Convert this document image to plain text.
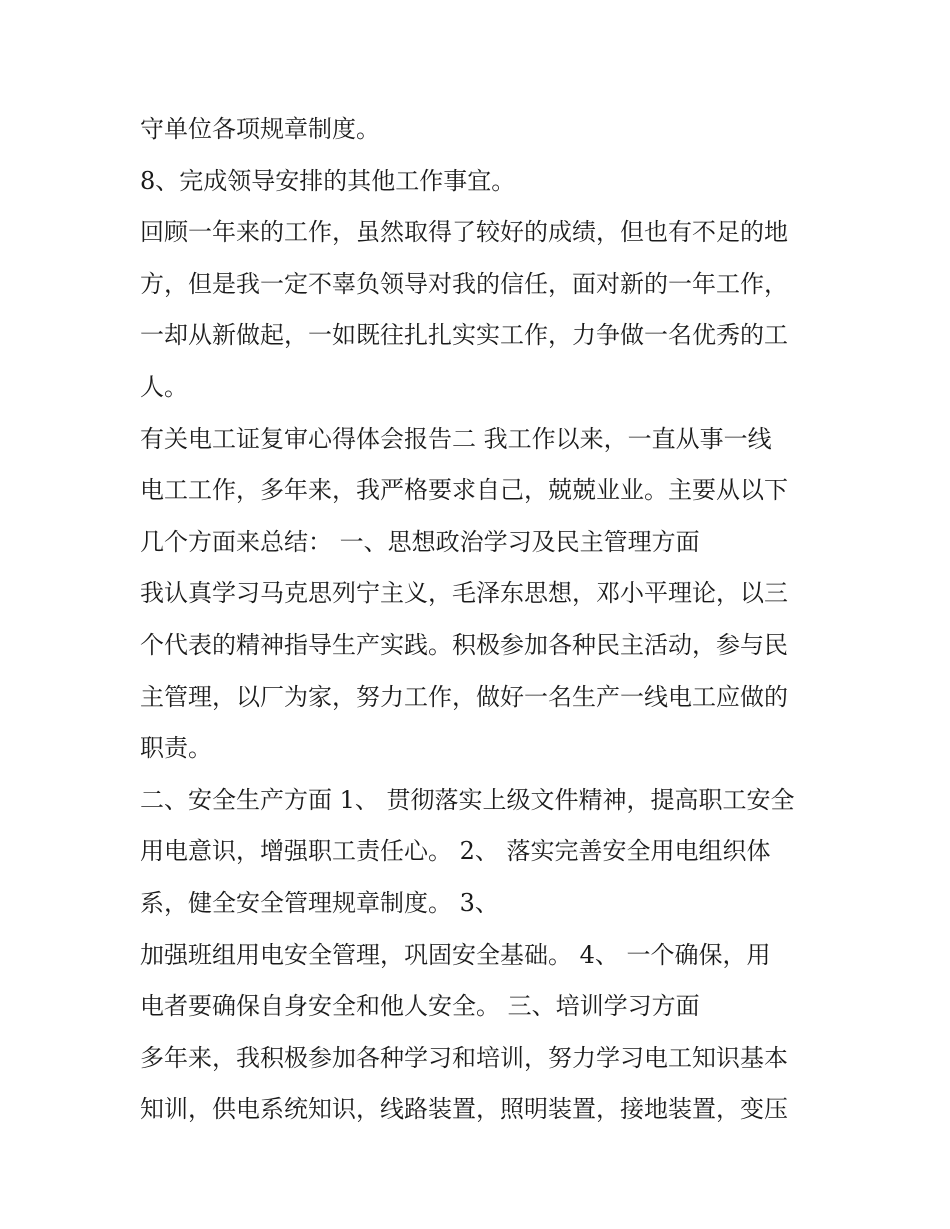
守单位各项规章制度。
8、完成领导安排的其他工作事宜。
回顾一年来的工作，虽然取得了较好的成绩，但也有不足的地
方，但是我一定不辜负领导对我的信任，面对新的一年工作，
一却从新做起，一如既往扎扎实实工作，力争做一名优秀的工
人。
有关电工证复审心得体会报告二 我工作以来，一直从事一线
电工工作，多年来，我严格要求自己，兢兢业业。主要从以下
几个方面来总结： 一、思想政治学习及民主管理方面
我认真学习马克思列宁主义，毛泽东思想，邓小平理论，以三
个代表的精神指导生产实践。积极参加各种民主活动，参与民
主管理，以厂为家，努力工作，做好一名生产一线电工应做的
职责。
二、安全生产方面 1、 贯彻落实上级文件精神，提高职工安全
用电意识，增强职工责任心。 2、 落实完善安全用电组织体
系，健全安全管理规章制度。 3、
加强班组用电安全管理，巩固安全基础。 4、 一个确保，用
电者要确保自身安全和他人安全。 三、培训学习方面
多年来，我积极参加各种学习和培训，努力学习电工知识基本
知训，供电系统知识，线路装置，照明装置，接地装置，变压
